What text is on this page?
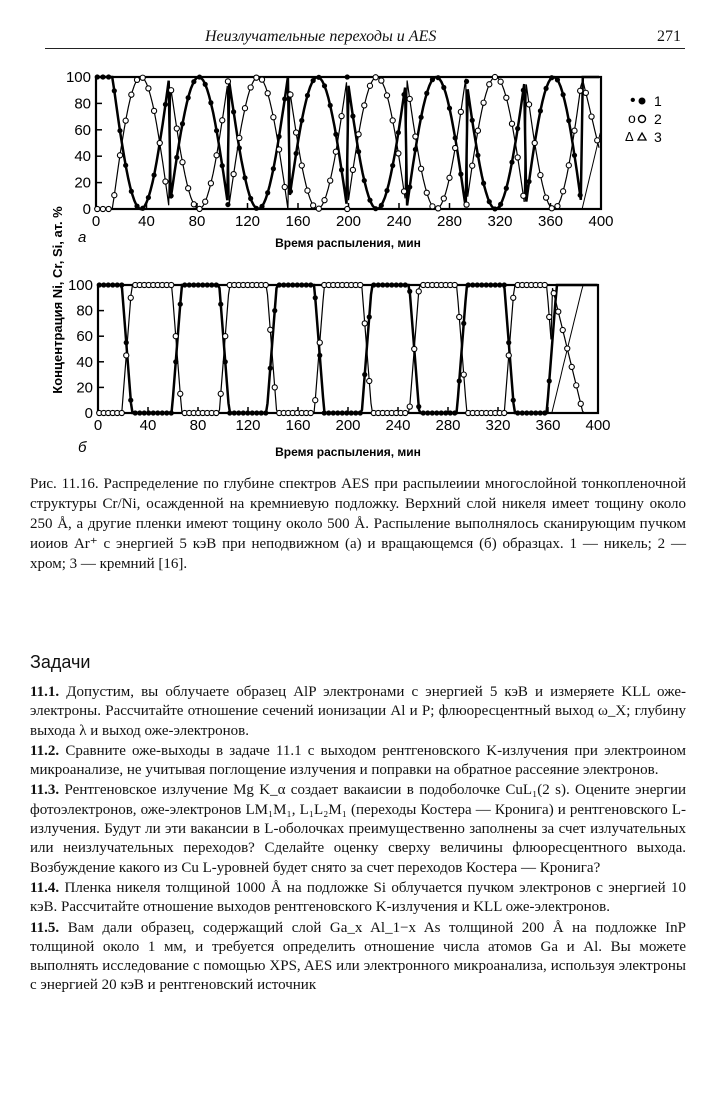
Неизлучательные переходы и AES	271
Концентрация Ni, Cr, Si, ат. % 0
20
40
60
80
100
0	40 80 120 160 200 240 280 320 360 400
а	Время распыления, мин
• 1
o 2
Δ 3
0
20
40
60
80
100
0 40 80 120 160 200 240 280 320 360 400
б	Время распыления, мин
Рис. 11.16. Распределение по глубине спектров AES при распылеиии многослойной тонкопленочной структуры Cr/Ni, осажденной на кремниевую подложку. Верхний слой никеля имеет тощину около 250 Å, а другие пленки имеют тощину около 500 Å. Распыление выполнялось сканирующим пучком иоиов Ar⁺ с энергией 5 кэВ при неподвижном (а) и вращающемся (б) образцах. 1 — никель; 2 — хром; 3 — кремний [16].
Задачи

11.1. Допустим, вы облучаете образец AlP электронами с энергией 5 кэВ и измеряете KLL оже-электроны. Рассчитайте отношение сечений ионизации Al и P; флюоресцентный выход ω_X; глубину выхода λ и выход оже-электронов.

11.2. Сравните оже-выходы в задаче 11.1 с выходом рентгеновского K-излучения при электроином микроанализе, не учитывая поглощение излучения и поправки на обратное рассеяние электронов.

11.3. Рентгеновское излучение Mg K_α создает вакаисии в подоболочке CuL₁(2 s). Оцените энергии фотоэлектронов, оже-электронов LM₁M₁, L₁L₂M₁ (переходы Костера — Кронига) и рентгеновского L-излучения. Будут ли эти вакансии в L-оболочках преимущественно заполнены за счет излучательных или неизлучательных переходов? Сделайте оценку сверху величины флюоресцентного выхода. Возбуждение какого из Cu L-уровней будет снято за счет переходов Костера — Кронига?

11.4. Пленка никеля толщиной 1000 Å на подложке Si облучается пучком электронов с энергией 10 кэВ. Рассчитайте отношение выходов рентгеновского K-излучения и KLL оже-электронов.

11.5. Вам дали образец, содержащий слой Ga_x Al_1−x As толщиной 200 Å на подложке InP толщиной около 1 мм, и требуется определить отношение числа атомов Ga и Al. Вы можете выполнять исследование с помощью XPS, AES или электронного микроанализа, используя электроны с энергией 20 кэВ и рентгеновский источник
